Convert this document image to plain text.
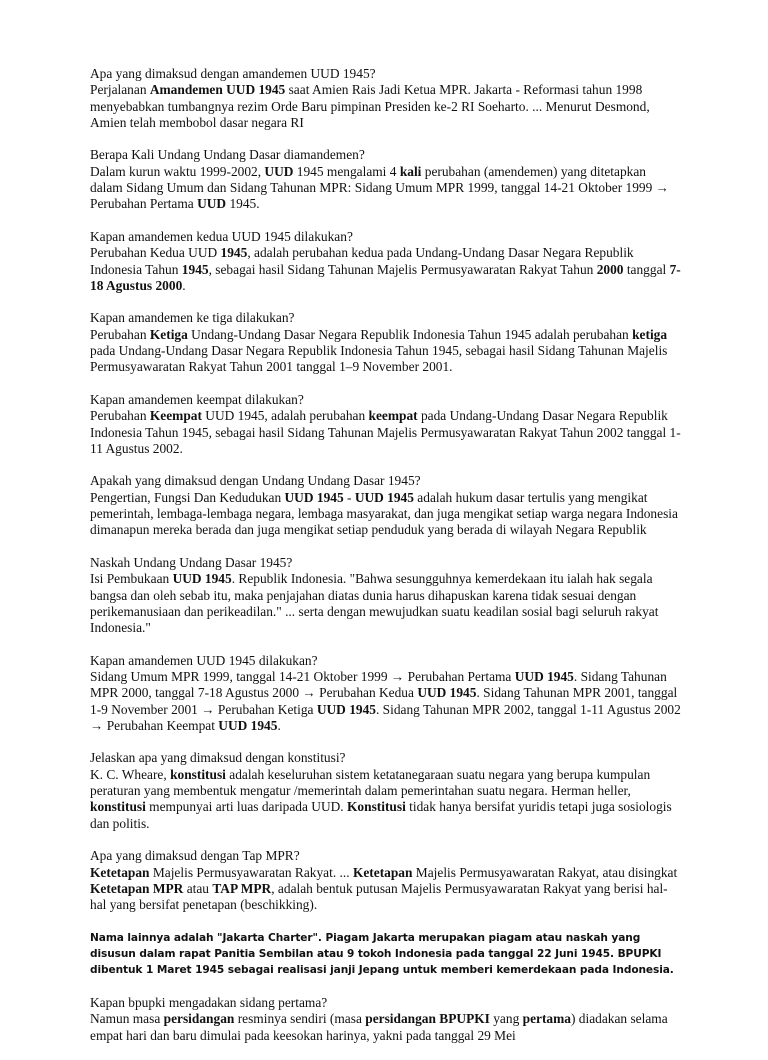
Apa yang dimaksud dengan amandemen UUD 1945?
Perjalanan Amandemen UUD 1945 saat Amien Rais Jadi Ketua MPR. Jakarta - Reformasi tahun 1998 menyebabkan tumbangnya rezim Orde Baru pimpinan Presiden ke-2 RI Soeharto. ... Menurut Desmond, Amien telah membobol dasar negara RI
Berapa Kali Undang Undang Dasar diamandemen?
Dalam kurun waktu 1999-2002, UUD 1945 mengalami 4 kali perubahan (amendemen) yang ditetapkan dalam Sidang Umum dan Sidang Tahunan MPR: Sidang Umum MPR 1999, tanggal 14-21 Oktober 1999 → Perubahan Pertama UUD 1945.
Kapan amandemen kedua UUD 1945 dilakukan?
Perubahan Kedua UUD 1945, adalah perubahan kedua pada Undang-Undang Dasar Negara Republik Indonesia Tahun 1945, sebagai hasil Sidang Tahunan Majelis Permusyawaratan Rakyat Tahun 2000 tanggal 7-18 Agustus 2000.
Kapan amandemen ke tiga dilakukan?
Perubahan Ketiga Undang-Undang Dasar Negara Republik Indonesia Tahun 1945 adalah perubahan ketiga pada Undang-Undang Dasar Negara Republik Indonesia Tahun 1945, sebagai hasil Sidang Tahunan Majelis Permusyawaratan Rakyat Tahun 2001 tanggal 1–9 November 2001.
Kapan amandemen keempat dilakukan?
Perubahan Keempat UUD 1945, adalah perubahan keempat pada Undang-Undang Dasar Negara Republik Indonesia Tahun 1945, sebagai hasil Sidang Tahunan Majelis Permusyawaratan Rakyat Tahun 2002 tanggal 1-11 Agustus 2002.
Apakah yang dimaksud dengan Undang Undang Dasar 1945?
Pengertian, Fungsi Dan Kedudukan UUD 1945 - UUD 1945 adalah hukum dasar tertulis yang mengikat pemerintah, lembaga-lembaga negara, lembaga masyarakat, dan juga mengikat setiap warga negara Indonesia dimanapun mereka berada dan juga mengikat setiap penduduk yang berada di wilayah Negara Republik
Naskah Undang Undang Dasar 1945?
Isi Pembukaan UUD 1945. Republik Indonesia. "Bahwa sesungguhnya kemerdekaan itu ialah hak segala bangsa dan oleh sebab itu, maka penjajahan diatas dunia harus dihapuskan karena tidak sesuai dengan perikemanusiaan dan perikeadilan." ... serta dengan mewujudkan suatu keadilan sosial bagi seluruh rakyat Indonesia."
Kapan amandemen UUD 1945 dilakukan?
Sidang Umum MPR 1999, tanggal 14-21 Oktober 1999 → Perubahan Pertama UUD 1945. Sidang Tahunan MPR 2000, tanggal 7-18 Agustus 2000 → Perubahan Kedua UUD 1945. Sidang Tahunan MPR 2001, tanggal 1-9 November 2001 → Perubahan Ketiga UUD 1945. Sidang Tahunan MPR 2002, tanggal 1-11 Agustus 2002 → Perubahan Keempat UUD 1945.
Jelaskan apa yang dimaksud dengan konstitusi?
K. C. Wheare, konstitusi adalah keseluruhan sistem ketatanegaraan suatu negara yang berupa kumpulan peraturan yang membentuk mengatur /memerintah dalam pemerintahan suatu negara. Herman heller, konstitusi mempunyai arti luas daripada UUD. Konstitusi tidak hanya bersifat yuridis tetapi juga sosiologis dan politis.
Apa yang dimaksud dengan Tap MPR?
Ketetapan Majelis Permusyawaratan Rakyat. ... Ketetapan Majelis Permusyawaratan Rakyat, atau disingkat Ketetapan MPR atau TAP MPR, adalah bentuk putusan Majelis Permusyawaratan Rakyat yang berisi hal-hal yang bersifat penetapan (beschikking).
Nama lainnya adalah "Jakarta Charter". Piagam Jakarta merupakan piagam atau naskah yang disusun dalam rapat Panitia Sembilan atau 9 tokoh Indonesia pada tanggal 22 Juni 1945. BPUPKI dibentuk 1 Maret 1945 sebagai realisasi janji Jepang untuk memberi kemerdekaan pada Indonesia.
Kapan bpupki mengadakan sidang pertama?
Namun masa persidangan resminya sendiri (masa persidangan BPUPKI yang pertama) diadakan selama empat hari dan baru dimulai pada keesokan harinya, yakni pada tanggal 29 Mei
